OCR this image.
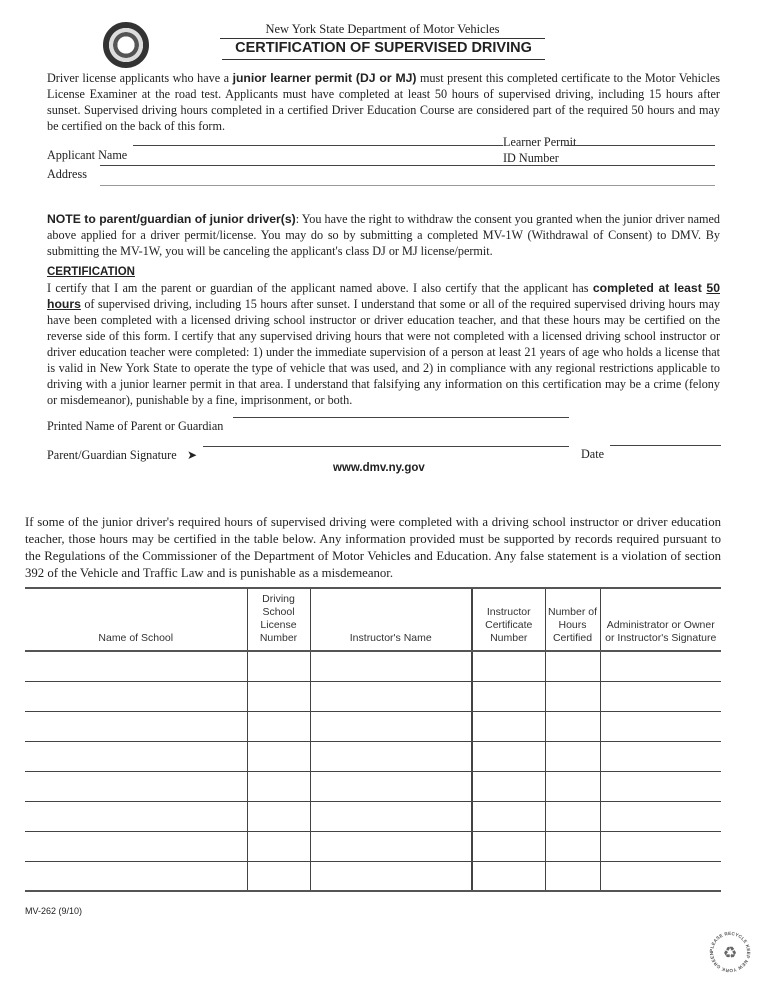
New York State Department of Motor Vehicles
CERTIFICATION OF SUPERVISED DRIVING
Driver license applicants who have a junior learner permit (DJ or MJ) must present this completed certificate to the Motor Vehicles License Examiner at the road test. Applicants must have completed at least 50 hours of supervised driving, including 15 hours after sunset. Supervised driving hours completed in a certified Driver Education Course are considered part of the required 50 hours and may be certified on the back of this form.
Applicant Name
Learner Permit
ID Number
Address
NOTE to parent/guardian of junior driver(s): You have the right to withdraw the consent you granted when the junior driver named above applied for a driver permit/license. You may do so by submitting a completed MV-1W (Withdrawal of Consent) to DMV. By submitting the MV-1W, you will be canceling the applicant's class DJ or MJ license/permit.
CERTIFICATION
I certify that I am the parent or guardian of the applicant named above. I also certify that the applicant has completed at least 50 hours of supervised driving, including 15 hours after sunset. I understand that some or all of the required supervised driving hours may have been completed with a licensed driving school instructor or driver education teacher, and that these hours may be certified on the reverse side of this form. I certify that any supervised driving hours that were not completed with a licensed driving school instructor or driver education teacher were completed: 1) under the immediate supervision of a person at least 21 years of age who holds a license that is valid in New York State to operate the type of vehicle that was used, and 2) in compliance with any regional restrictions applicable to driving with a junior learner permit in that area. I understand that falsifying any information on this certification may be a crime (felony or misdemeanor), punishable by a fine, imprisonment, or both.
Printed Name of Parent or Guardian
Parent/Guardian Signature ➤	Date
www.dmv.ny.gov
If some of the junior driver's required hours of supervised driving were completed with a driving school instructor or driver education teacher, those hours may be certified in the table below. Any information provided must be supported by records required pursuant to the Regulations of the Commissioner of the Department of Motor Vehicles and Education. Any false statement is a violation of section 392 of the Vehicle and Traffic Law and is punishable as a misdemeanor.
Name of School	Driving School License Number	Instructor's Name	Instructor Certificate Number	Number of Hours Certified	Administrator or Owner or Instructor's Signature

MV-262 (9/10)
PLEASE RECYCLE KEEP NEW YORK GREEN ♻
